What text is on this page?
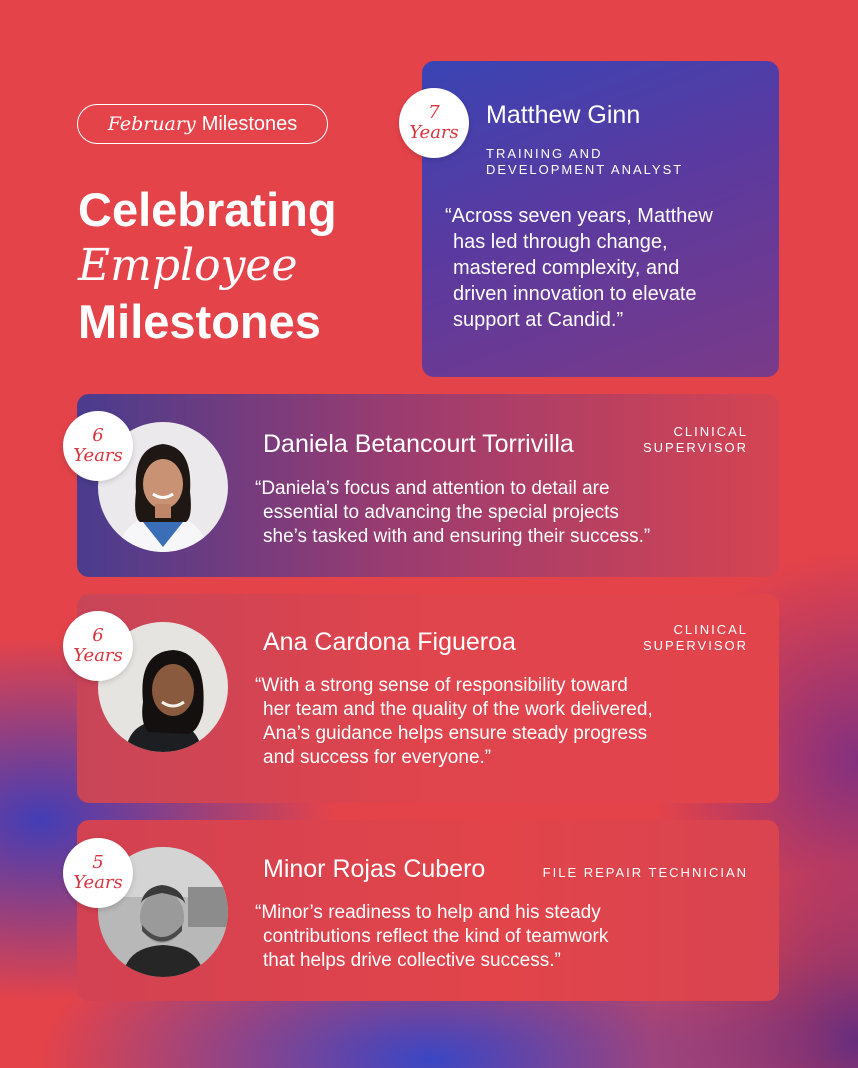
February Milestones
Celebrating
Employee
Milestones
7
Years
Matthew Ginn
TRAINING AND
DEVELOPMENT ANALYST
“Across seven years, Matthew
has led through change,
mastered complexity, and
driven innovation to elevate
support at Candid.”
6
Years	Daniela Betancourt Torrivilla	CLINICAL
SUPERVISOR
“Daniela’s focus and attention to detail are
essential to advancing the special projects
she’s tasked with and ensuring their success.”
6
Years	Ana Cardona Figueroa	CLINICAL
SUPERVISOR
“With a strong sense of responsibility toward
her team and the quality of the work delivered,
Ana’s guidance helps ensure steady progress
and success for everyone.”
5
Years	Minor Rojas Cubero	FILE REPAIR TECHNICIAN
“Minor’s readiness to help and his steady
contributions reflect the kind of teamwork
that helps drive collective success.”
